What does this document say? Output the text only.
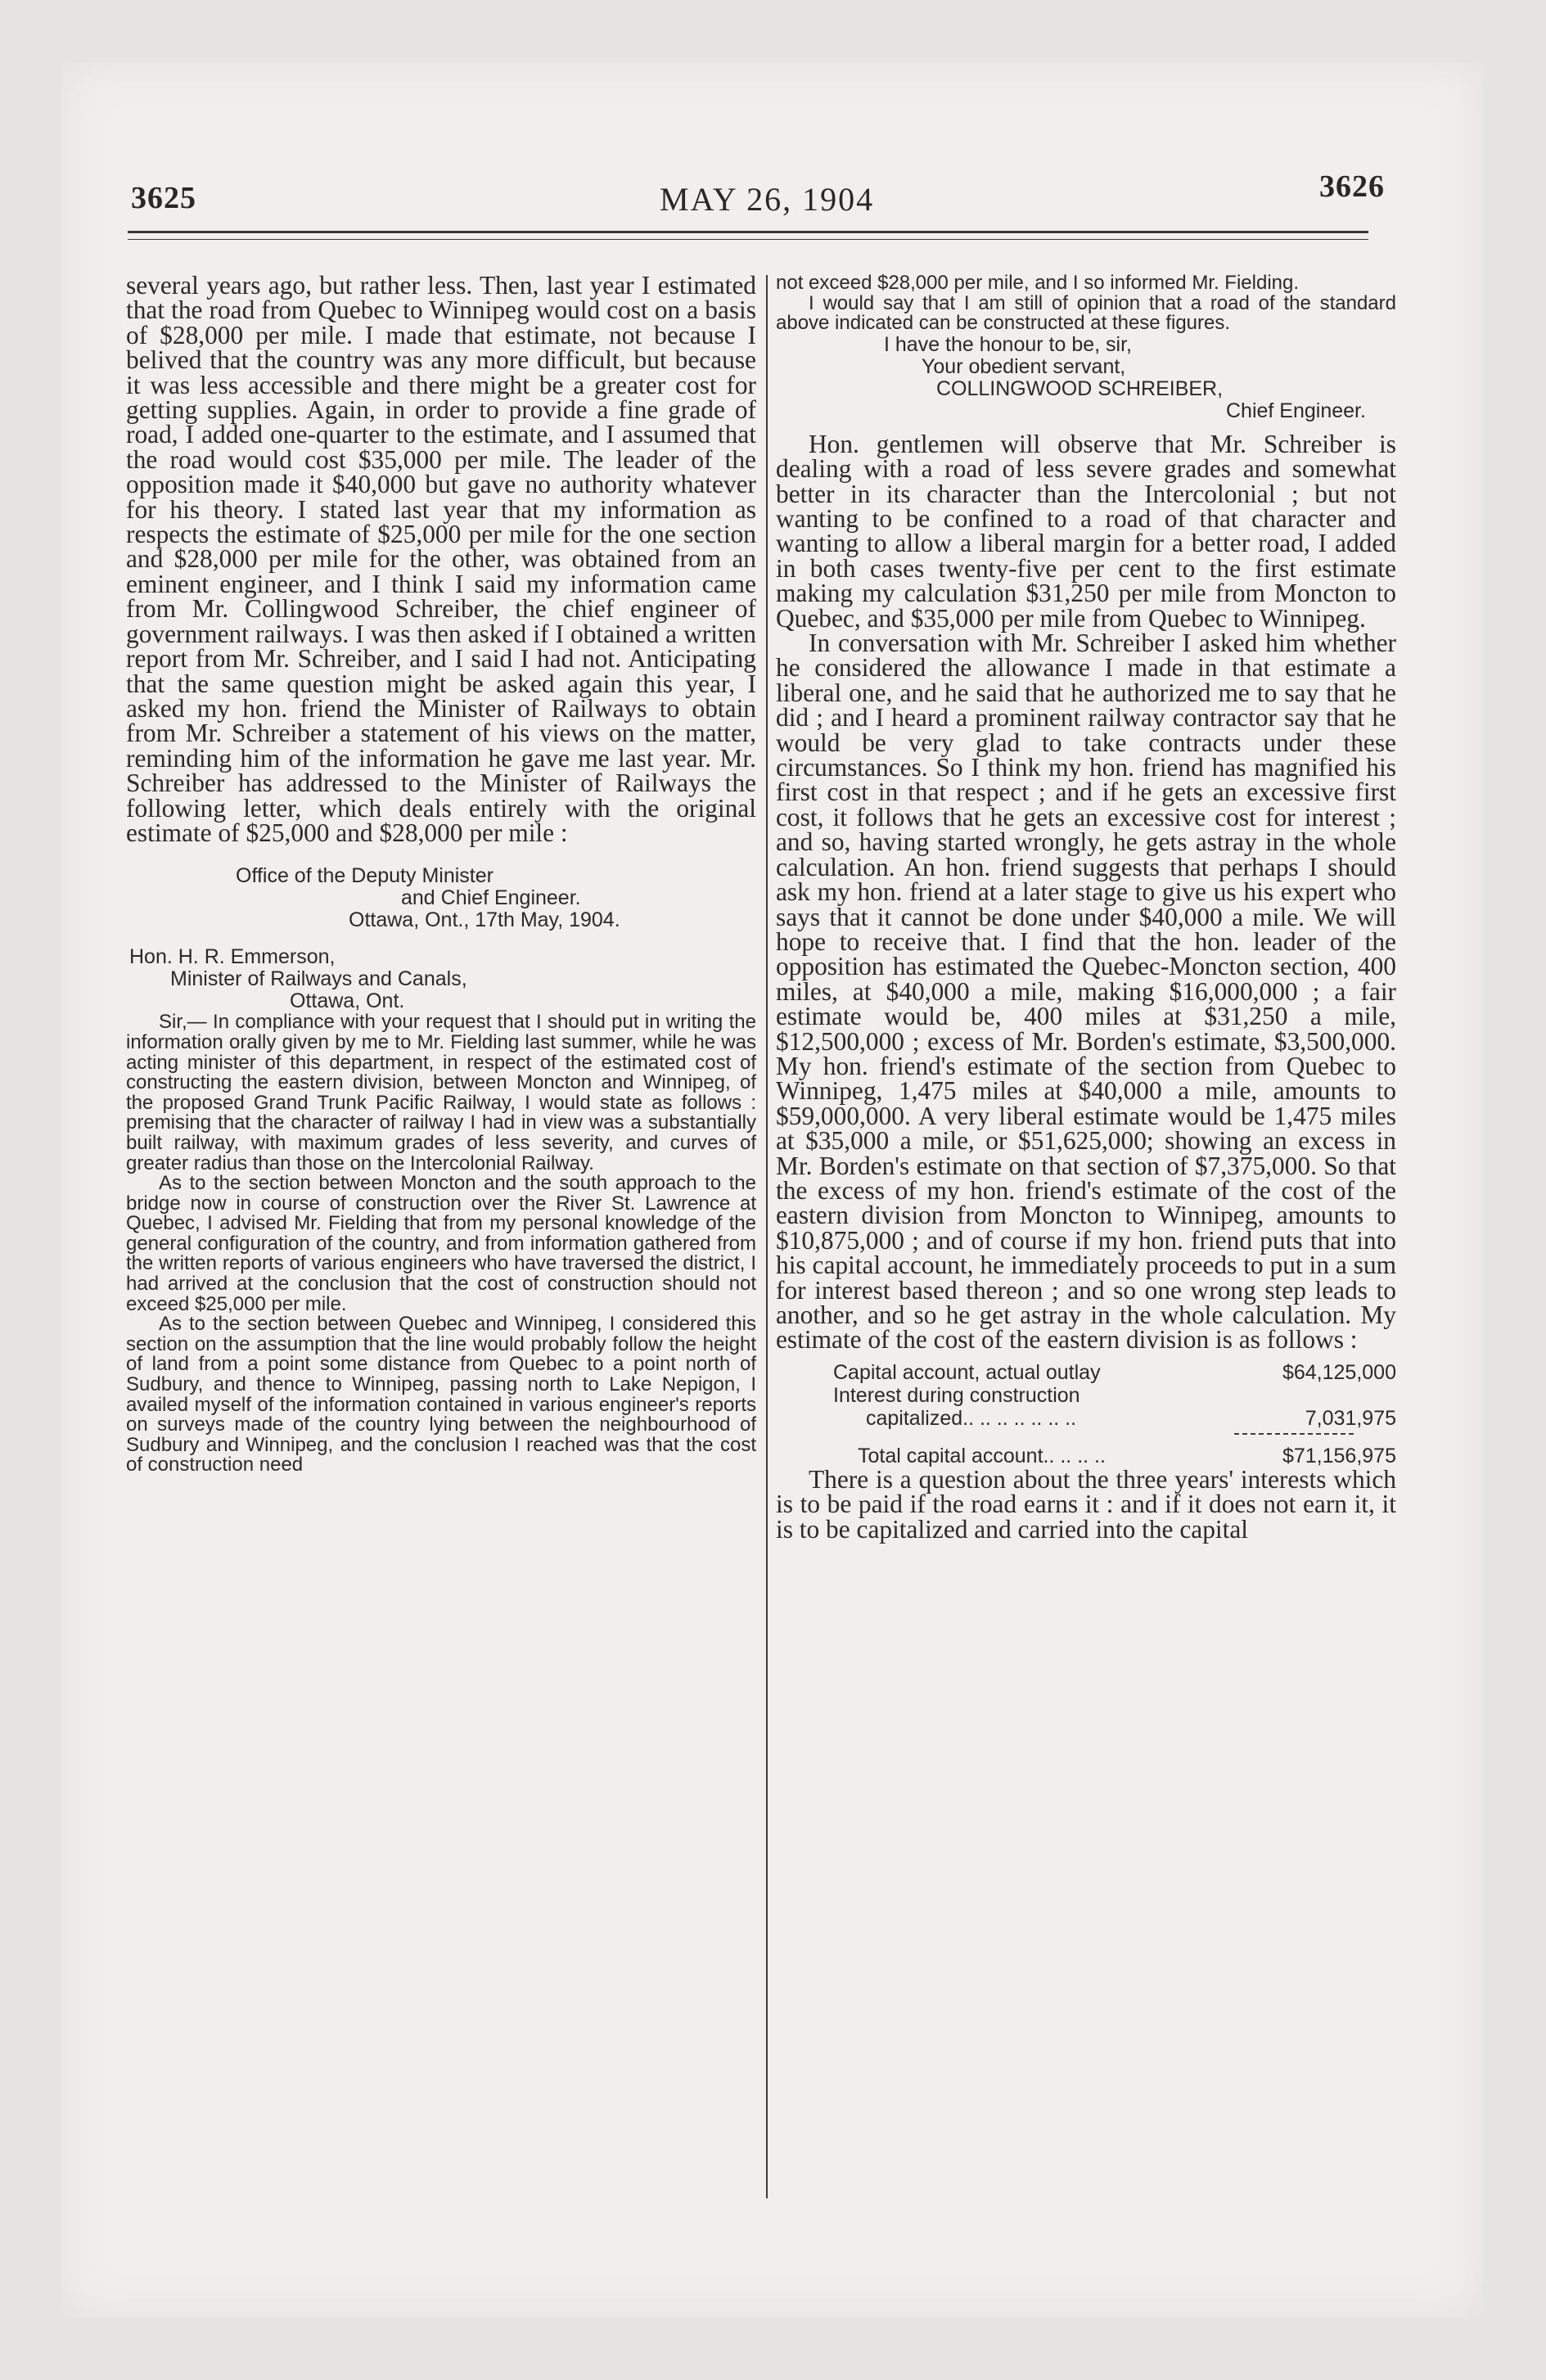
3625	MAY 26, 1904	3626

several years ago, but rather less. Then, last year I estimated that the road from Quebec to Winnipeg would cost on a basis of $28,000 per mile. I made that estimate, not because I belived that the country was any more difficult, but because it was less accessible and there might be a greater cost for getting supplies. Again, in order to provide a fine grade of road, I added one-quarter to the estimate, and I assumed that the road would cost $35,000 per mile. The leader of the opposition made it $40,000 but gave no authority whatever for his theory. I stated last year that my information as respects the estimate of $25,000 per mile for the one section and $28,000 per mile for the other, was obtained from an eminent engineer, and I think I said my information came from Mr. Collingwood Schreiber, the chief engineer of government railways. I was then asked if I obtained a written report from Mr. Schreiber, and I said I had not. Anticipating that the same question might be asked again this year, I asked my hon. friend the Minister of Railways to obtain from Mr. Schreiber a statement of his views on the matter, reminding him of the information he gave me last year. Mr. Schreiber has addressed to the Minister of Railways the following letter, which deals entirely with the original estimate of $25,000 and $28,000 per mile :

Office of the Deputy Minister
and Chief Engineer.
Ottawa, Ont., 17th May, 1904.
Hon. H. R. Emmerson,
Minister of Railways and Canals,
Ottawa, Ont.

Sir,— In compliance with your request that I should put in writing the information orally given by me to Mr. Fielding last summer, while he was acting minister of this department, in respect of the estimated cost of constructing the eastern division, between Moncton and Winnipeg, of the proposed Grand Trunk Pacific Railway, I would state as follows : premising that the character of railway I had in view was a substantially built railway, with maximum grades of less severity, and curves of greater radius than those on the Intercolonial Railway.

As to the section between Moncton and the south approach to the bridge now in course of construction over the River St. Lawrence at Quebec, I advised Mr. Fielding that from my personal knowledge of the general configuration of the country, and from information gathered from the written reports of various engineers who have traversed the district, I had arrived at the conclusion that the cost of construction should not exceed $25,000 per mile.

As to the section between Quebec and Winnipeg, I considered this section on the assumption that the line would probably follow the height of land from a point some distance from Quebec to a point north of Sudbury, and thence to Winnipeg, passing north to Lake Nepigon, I availed myself of the information contained in various engineer's reports on surveys made of the country lying between the neighbourhood of Sudbury and Winnipeg, and the conclusion I reached was that the cost of construction need

not exceed $28,000 per mile, and I so informed Mr. Fielding.

I would say that I am still of opinion that a road of the standard above indicated can be constructed at these figures.

I have the honour to be, sir,
Your obedient servant,
COLLINGWOOD SCHREIBER,
Chief Engineer.

Hon. gentlemen will observe that Mr. Schreiber is dealing with a road of less severe grades and somewhat better in its character than the Intercolonial ; but not wanting to be confined to a road of that character and wanting to allow a liberal margin for a better road, I added in both cases twenty-five per cent to the first estimate making my calculation $31,250 per mile from Moncton to Quebec, and $35,000 per mile from Quebec to Winnipeg.

In conversation with Mr. Schreiber I asked him whether he considered the allowance I made in that estimate a liberal one, and he said that he authorized me to say that he did ; and I heard a prominent railway contractor say that he would be very glad to take contracts under these circumstances. So I think my hon. friend has magnified his first cost in that respect ; and if he gets an excessive first cost, it follows that he gets an excessive cost for interest ; and so, having started wrongly, he gets astray in the whole calculation. An hon. friend suggests that perhaps I should ask my hon. friend at a later stage to give us his expert who says that it cannot be done under $40,000 a mile. We will hope to receive that. I find that the hon. leader of the opposition has estimated the Quebec-Moncton section, 400 miles, at $40,000 a mile, making $16,000,000 ; a fair estimate would be, 400 miles at $31,250 a mile, $12,500,000 ; excess of Mr. Borden's estimate, $3,500,000. My hon. friend's estimate of the section from Quebec to Winnipeg, 1,475 miles at $40,000 a mile, amounts to $59,000,000. A very liberal estimate would be 1,475 miles at $35,000 a mile, or $51,625,000; showing an excess in Mr. Borden's estimate on that section of $7,375,000. So that the excess of my hon. friend's estimate of the cost of the eastern division from Moncton to Winnipeg, amounts to $10,875,000 ; and of course if my hon. friend puts that into his capital account, he immediately proceeds to put in a sum for interest based thereon ; and so one wrong step leads to another, and so he get astray in the whole calculation. My estimate of the cost of the eastern division is as follows :

Capital account, actual outlay	$64,125,000
Interest during construction
capitalized.. .. .. .. .. .. ..	7,031,975
Total capital account.. .. .. ..	$71,156,975

There is a question about the three years' interests which is to be paid if the road earns it : and if it does not earn it, it is to be capitalized and carried into the capital
